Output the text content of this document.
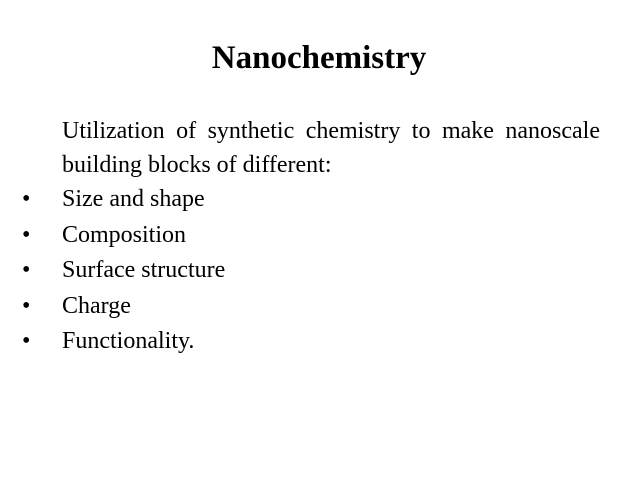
Nanochemistry
Utilization of synthetic chemistry to make nanoscale building blocks of different:
•	Size and shape
•	Composition
•	Surface structure
•	Charge
•	Functionality.
